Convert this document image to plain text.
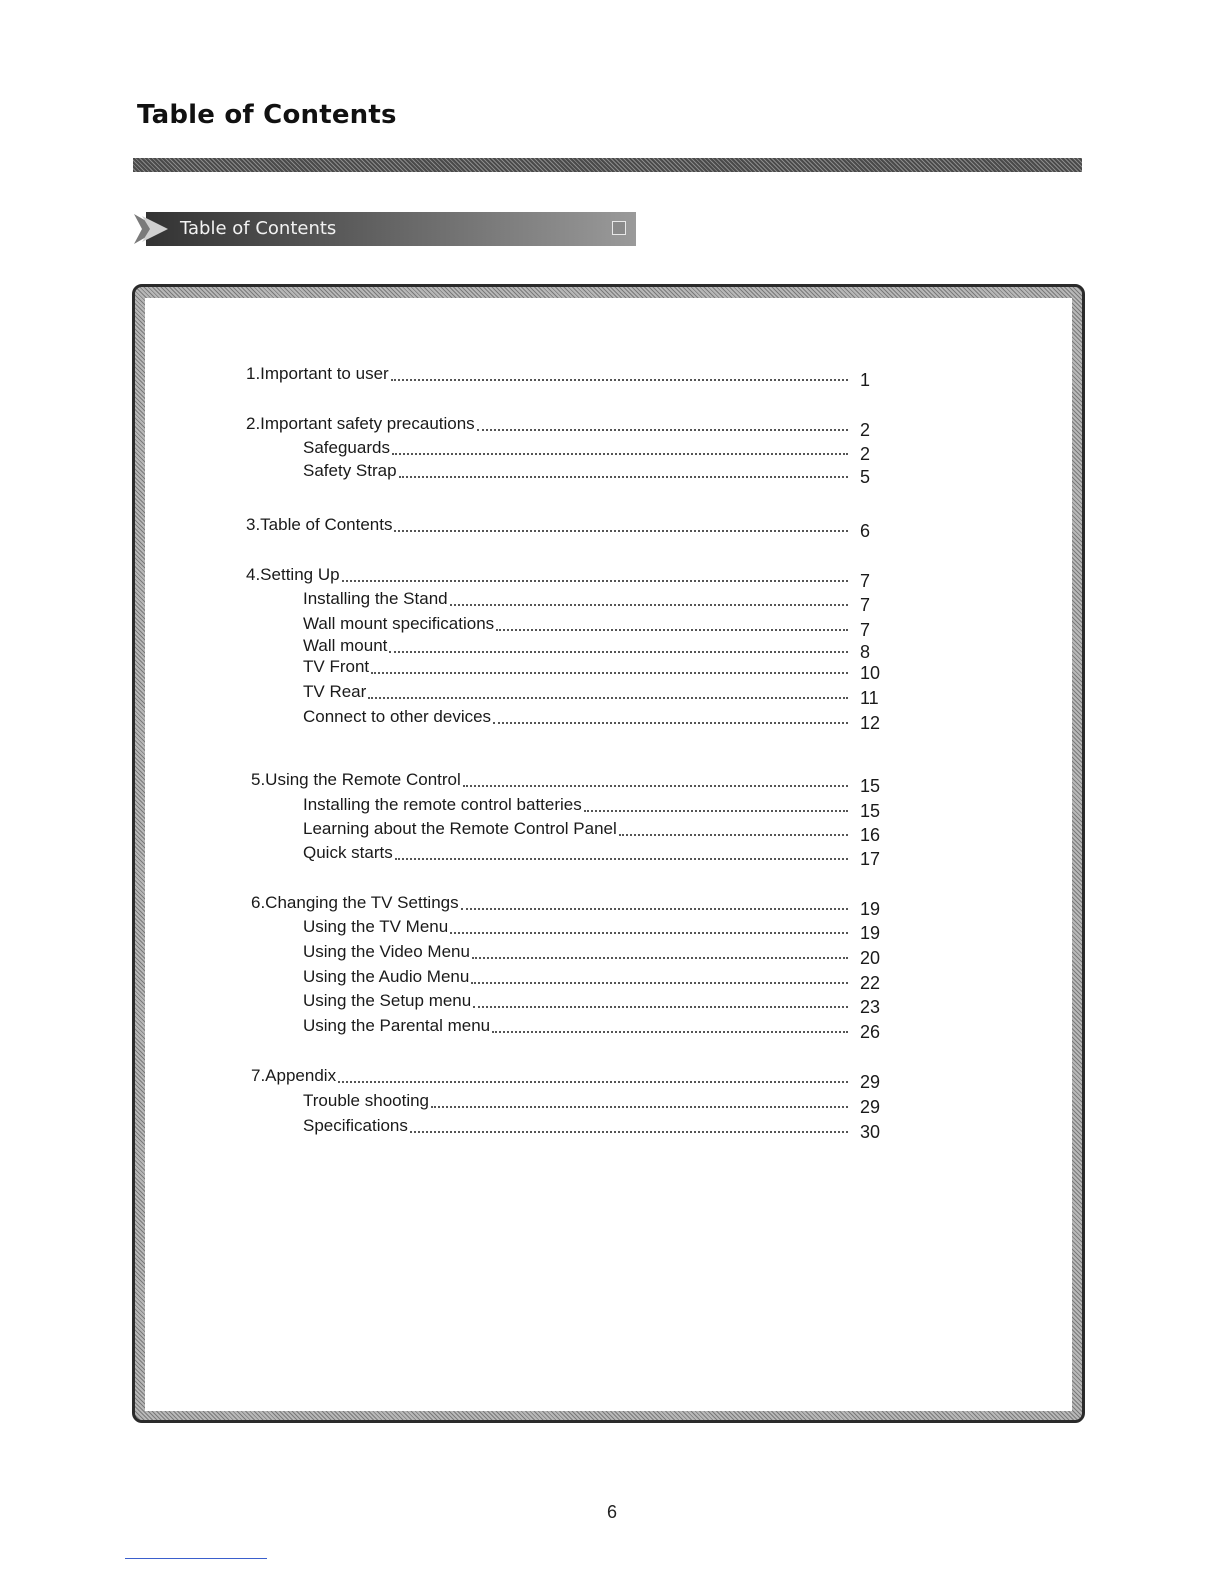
Table of Contents
Table of Contents
1.Important to user	1
2.Important safety precautions	2
Safeguards	2
Safety Strap	5
3.Table of Contents	6
4.Setting Up	7
Installing the Stand	7
Wall mount specifications	7
Wall mount	8
TV Front	10
TV Rear	11
Connect to other devices	12
5.Using the Remote Control	15
Installing the remote control batteries	15
Learning about the Remote Control Panel	16
Quick starts	17
6.Changing the TV Settings	19
Using the TV Menu	19
Using the Video Menu	20
Using the Audio Menu	22
Using the Setup menu	23
Using the Parental menu	26
7.Appendix	29
Trouble shooting	29
Specifications	30
6
